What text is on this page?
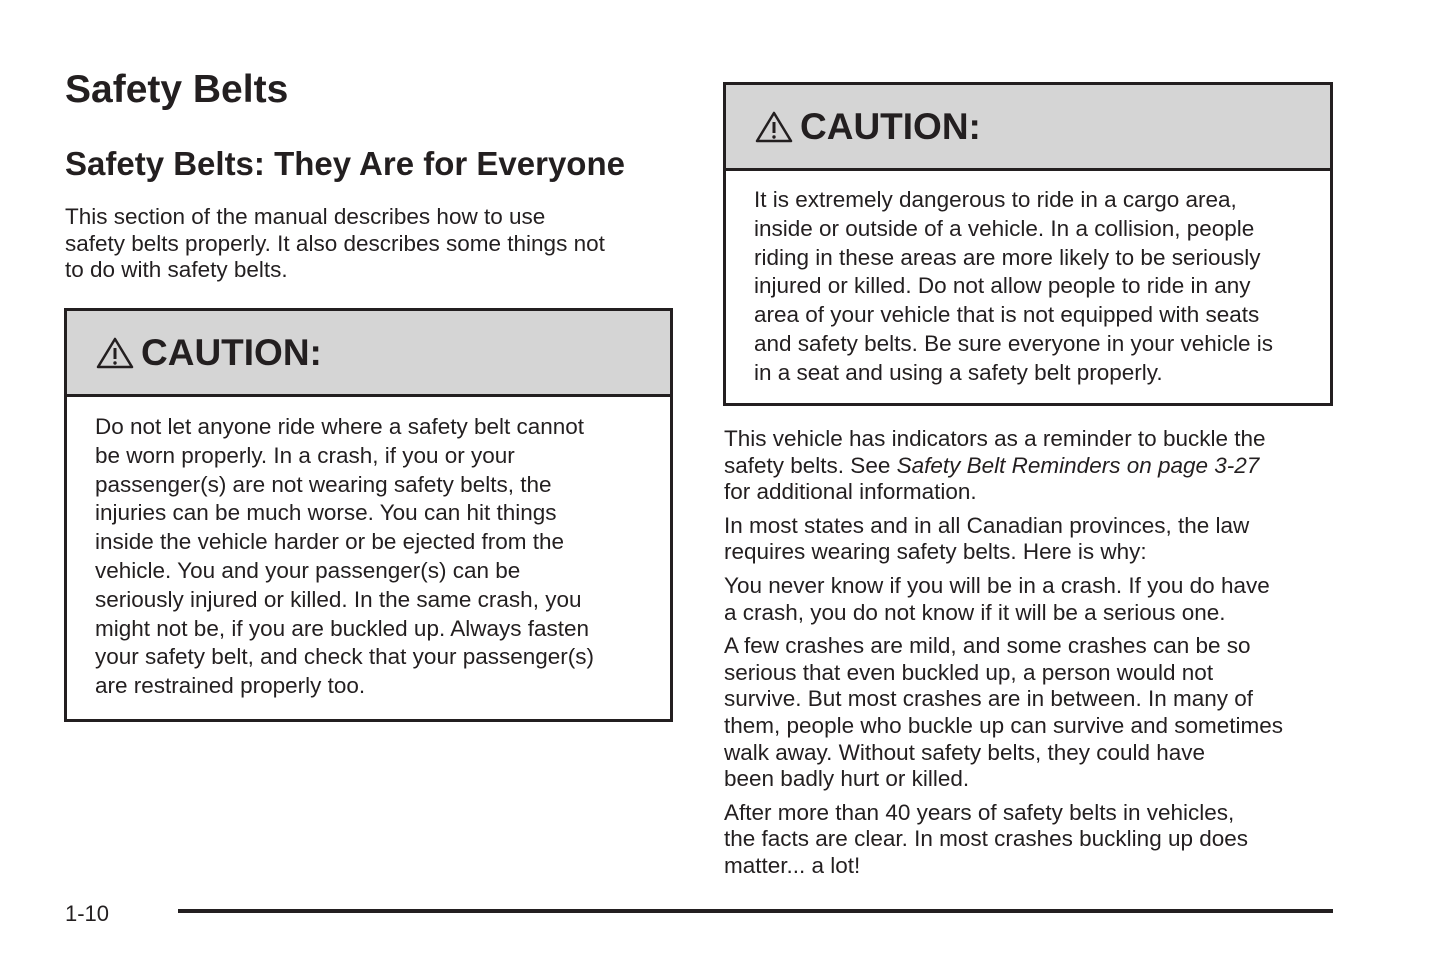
Safety Belts
Safety Belts: They Are for Everyone
This section of the manual describes how to use
safety belts properly. It also describes some things not
to do with safety belts.
CAUTION:
Do not let anyone ride where a safety belt cannot
be worn properly. In a crash, if you or your
passenger(s) are not wearing safety belts, the
injuries can be much worse. You can hit things
inside the vehicle harder or be ejected from the
vehicle. You and your passenger(s) can be
seriously injured or killed. In the same crash, you
might not be, if you are buckled up. Always fasten
your safety belt, and check that your passenger(s)
are restrained properly too.
CAUTION:
It is extremely dangerous to ride in a cargo area,
inside or outside of a vehicle. In a collision, people
riding in these areas are more likely to be seriously
injured or killed. Do not allow people to ride in any
area of your vehicle that is not equipped with seats
and safety belts. Be sure everyone in your vehicle is
in a seat and using a safety belt properly.
This vehicle has indicators as a reminder to buckle the
safety belts. See Safety Belt Reminders on page 3-27
for additional information.
In most states and in all Canadian provinces, the law
requires wearing safety belts. Here is why:
You never know if you will be in a crash. If you do have
a crash, you do not know if it will be a serious one.
A few crashes are mild, and some crashes can be so
serious that even buckled up, a person would not
survive. But most crashes are in between. In many of
them, people who buckle up can survive and sometimes
walk away. Without safety belts, they could have
been badly hurt or killed.
After more than 40 years of safety belts in vehicles,
the facts are clear. In most crashes buckling up does
matter... a lot!
1-10
